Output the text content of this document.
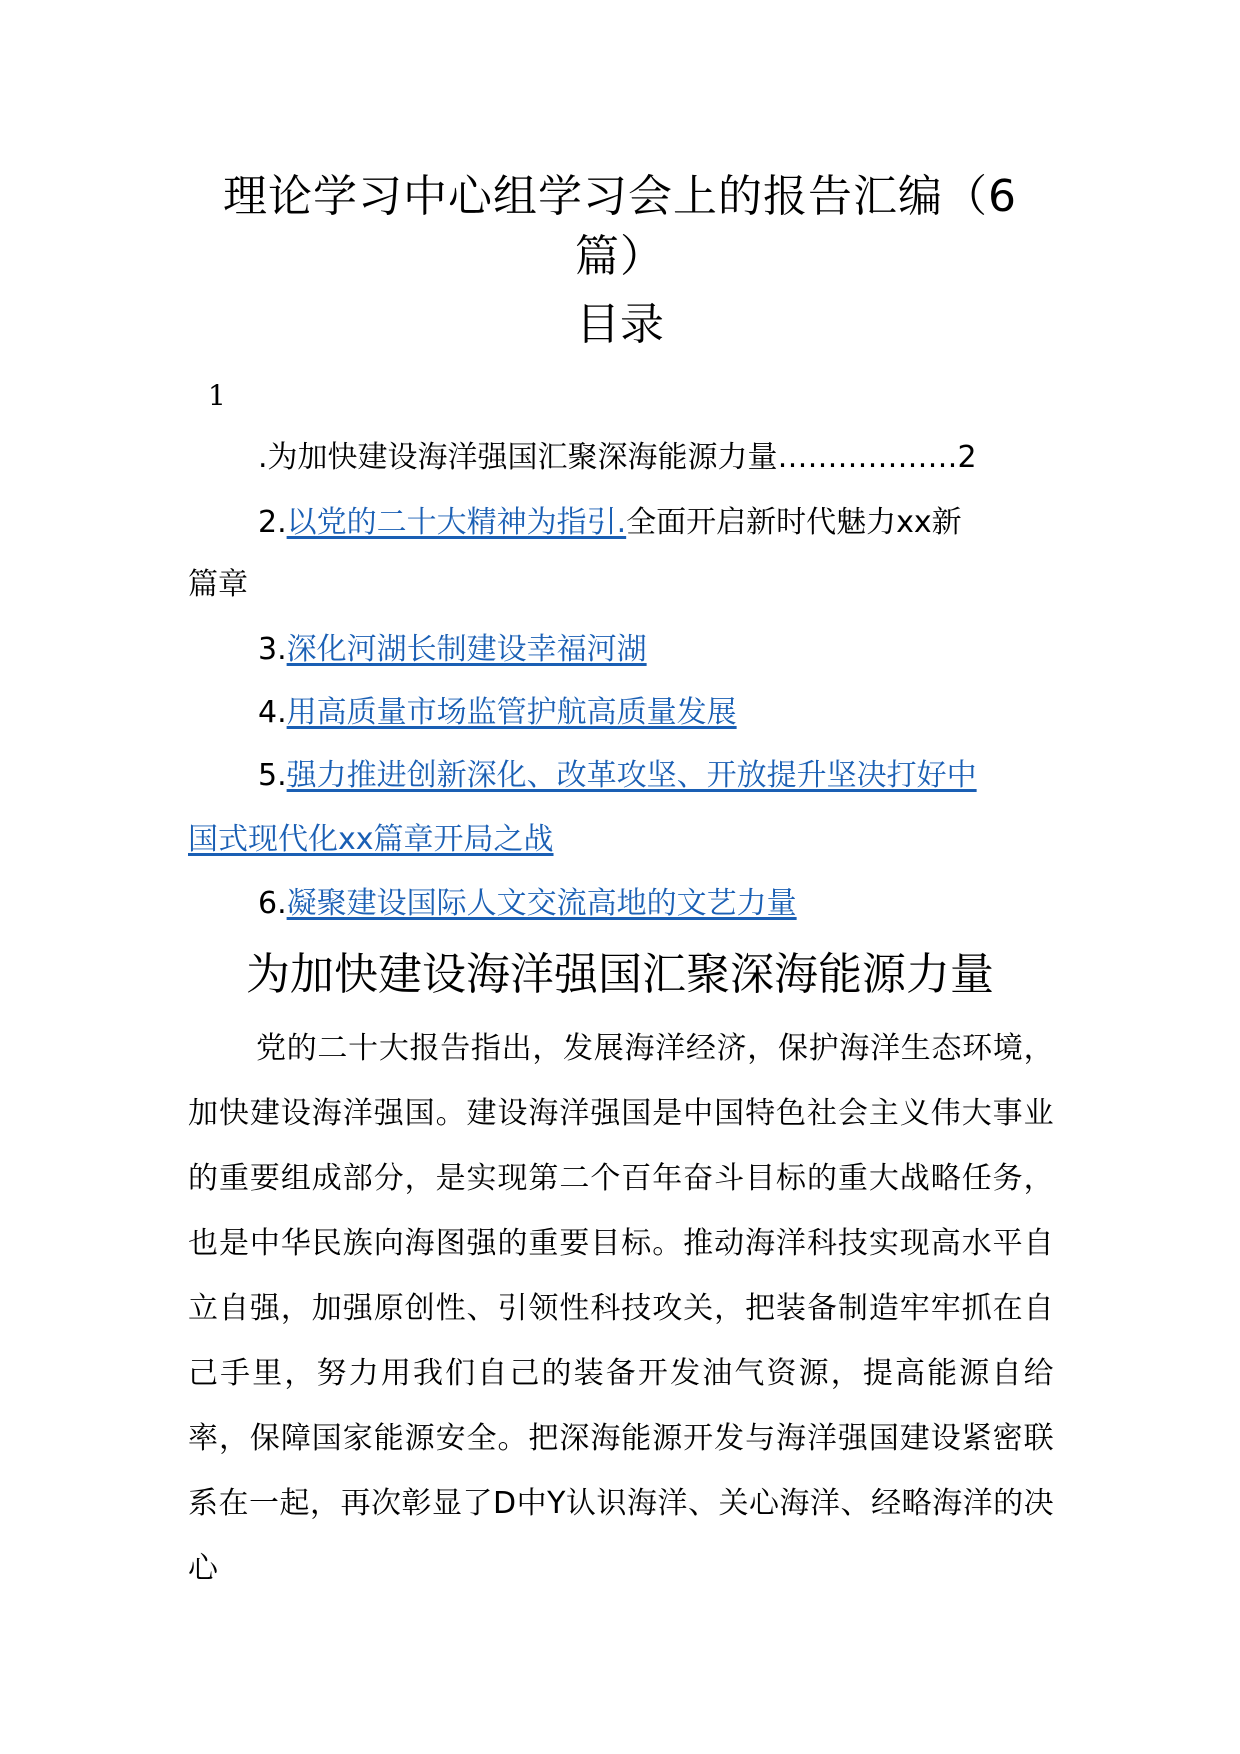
理论学习中心组学习会上的报告汇编（6
篇）
目录
1
.为加快建设海洋强国汇聚深海能源力量………………2
2.以党的二十大精神为指引.全面开启新时代魅力xx新
篇章
3.深化河湖长制建设幸福河湖
4.用高质量市场监管护航高质量发展
5.强力推进创新深化、改革攻坚、开放提升坚决打好中
国式现代化xx篇章开局之战
6.凝聚建设国际人文交流高地的文艺力量
为加快建设海洋强国汇聚深海能源力量

党的二十大报告指出，发展海洋经济，保护海洋生态环境，加快建设海洋强国。建设海洋强国是中国特色社会主义伟大事业的重要组成部分，是实现第二个百年奋斗目标的重大战略任务，也是中华民族向海图强的重要目标。推动海洋科技实现高水平自立自强，加强原创性、引领性科技攻关，把装备制造牢牢抓在自己手里，努力用我们自己的装备开发油气资源，提高能源自给率，保障国家能源安全。把深海能源开发与海洋强国建设紧密联系在一起，再次彰显了D中Y认识海洋、关心海洋、经略海洋的决心
